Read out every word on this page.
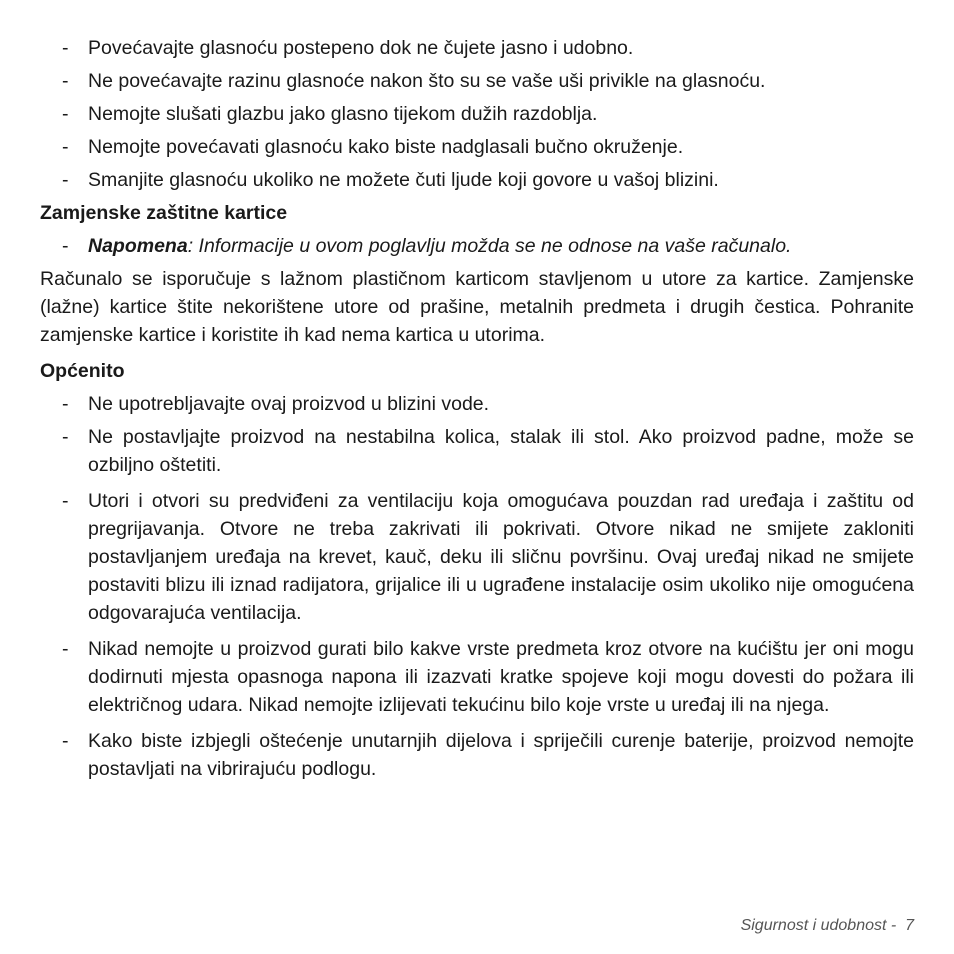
- Povećavajte glasnoću postepeno dok ne čujete jasno i udobno.
- Ne povećavajte razinu glasnoće nakon što su se vaše uši privikle na glasnoću.
- Nemojte slušati glazbu jako glasno tijekom dužih razdoblja.
- Nemojte povećavati glasnoću kako biste nadglasali bučno okruženje.
- Smanjite glasnoću ukoliko ne možete čuti ljude koji govore u vašoj blizini.
Zamjenske zaštitne kartice
- Napomena: Informacije u ovom poglavlju možda se ne odnose na vaše računalo.
Računalo se isporučuje s lažnom plastičnom karticom stavljenom u utore za kartice. Zamjenske (lažne) kartice štite nekorištene utore od prašine, metalnih predmeta i drugih čestica. Pohranite zamjenske kartice i koristite ih kad nema kartica u utorima.
Općenito
- Ne upotrebljavajte ovaj proizvod u blizini vode.
- Ne postavljajte proizvod na nestabilna kolica, stalak ili stol. Ako proizvod padne, može se ozbiljno oštetiti.
- Utori i otvori su predviđeni za ventilaciju koja omogućava pouzdan rad uređaja i zaštitu od pregrijavanja. Otvore ne treba zakrivati ili pokrivati. Otvore nikad ne smijete zakloniti postavljanjem uređaja na krevet, kauč, deku ili sličnu površinu. Ovaj uređaj nikad ne smijete postaviti blizu ili iznad radijatora, grijalice ili u ugrađene instalacije osim ukoliko nije omogućena odgovarajuća ventilacija.
- Nikad nemojte u proizvod gurati bilo kakve vrste predmeta kroz otvore na kućištu jer oni mogu dodirnuti mjesta opasnoga napona ili izazvati kratke spojeve koji mogu dovesti do požara ili električnog udara. Nikad nemojte izlijevati tekućinu bilo koje vrste u uređaj ili na njega.
- Kako biste izbjegli oštećenje unutarnjih dijelova i spriječili curenje baterije, proizvod nemojte postavljati na vibrirajuću podlogu.
Sigurnost i udobnost -  7
